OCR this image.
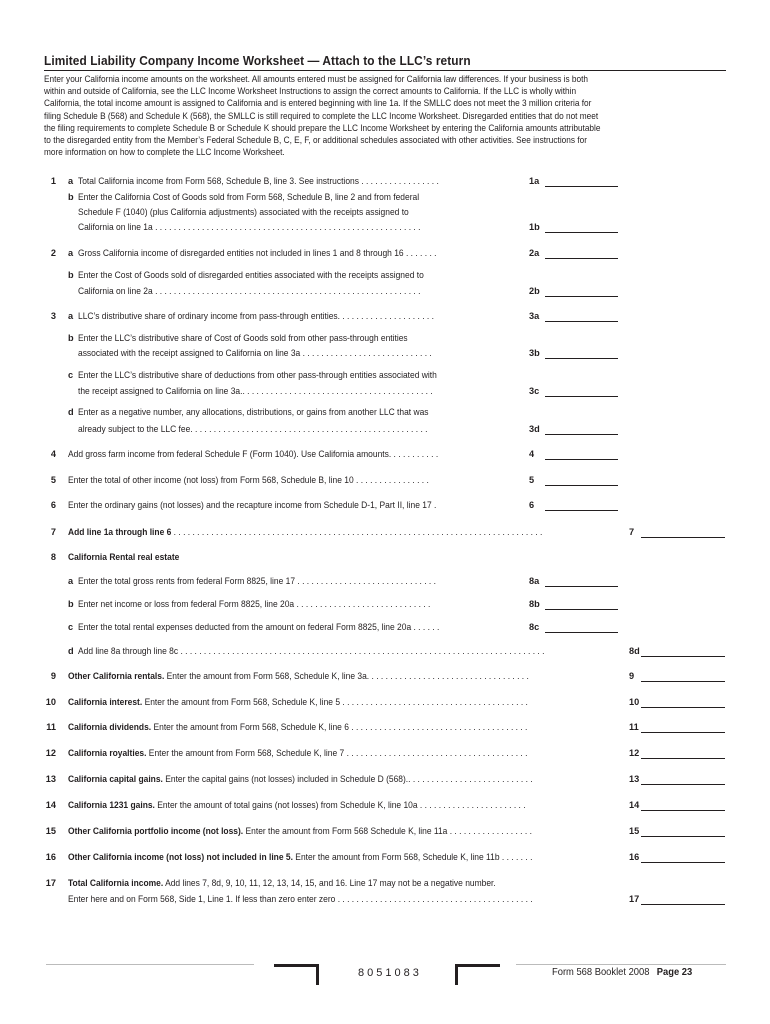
Limited Liability Company Income Worksheet — Attach to the LLC’s return
Enter your California income amounts on the worksheet. All amounts entered must be assigned for California law differences. If your business is both
within and outside of California, see the LLC Income Worksheet Instructions to assign the correct amounts to California. If the LLC is wholly within
California, the total income amount is assigned to California and is entered beginning with line 1a. If the SMLLC does not meet the 3 million criteria for
filing Schedule B (568) and Schedule K (568), the SMLLC is still required to complete the LLC Income Worksheet. Disregarded entities that do not meet
the filing requirements to complete Schedule B or Schedule K should prepare the LLC Income Worksheet by entering the California amounts attributable
to the disregarded entity from the Member’s Federal Schedule B, C, E, F, or additional schedules associated with other activities. See instructions for
more information on how to complete the LLC Income Worksheet.
1 a Total California income from Form 568, Schedule B, line 3. See instructions . . . . . . . . . . . . . . . . .	1a
b Enter the California Cost of Goods sold from Form 568, Schedule B, line 2 and from federal
Schedule F (1040) (plus California adjustments) associated with the receipts assigned to
California on line 1a . . . . . . . . . . . . . . . . . . . . . . . . . . . . . . . . . . . . . . . . . . . . . . . . . . . . . . . . .	1b
2 a Gross California income of disregarded entities not included in lines 1 and 8 through 16 . . . . . . .	2a
b Enter the Cost of Goods sold of disregarded entities associated with the receipts assigned to
California on line 2a . . . . . . . . . . . . . . . . . . . . . . . . . . . . . . . . . . . . . . . . . . . . . . . . . . . . . . . . .	2b
3 a LLC’s distributive share of ordinary income from pass-through entities. . . . . . . . . . . . . . . . . . . . .	3a
b Enter the LLC’s distributive share of Cost of Goods sold from other pass-through entities
associated with the receipt assigned to California on line 3a . . . . . . . . . . . . . . . . . . . . . . . . . . . .	3b
c Enter the LLC’s distributive share of deductions from other pass-through entities associated with
the receipt assigned to California on line 3a.. . . . . . . . . . . . . . . . . . . . . . . . . . . . . . . . . . . . . . . . .	3c
d Enter as a negative number, any allocations, distributions, or gains from another LLC that was
already subject to the LLC fee. . . . . . . . . . . . . . . . . . . . . . . . . . . . . . . . . . . . . . . . . . . . . . . . . . .	3d
4 Add gross farm income from federal Schedule F (Form 1040). Use California amounts. . . . . . . . . . .	4
5 Enter the total of other income (not loss) from Form 568, Schedule B, line 10 . . . . . . . . . . . . . . . .	5
6 Enter the ordinary gains (not losses) and the recapture income from Schedule D-1, Part II, line 17 .	6
7 Add line 1a through line 6 . . . . . . . . . . . . . . . . . . . . . . . . . . . . . . . . . . . . . . . . . . . . . . . . . . . . . . . . . . . . . . . . . . . . . . . . . . . . . . .	7
8 California Rental real estate
a Enter the total gross rents from federal Form 8825, line 17 . . . . . . . . . . . . . . . . . . . . . . . . . . . . . .	8a
b Enter net income or loss from federal Form 8825, line 20a . . . . . . . . . . . . . . . . . . . . . . . . . . . . .	8b
c Enter the total rental expenses deducted from the amount on federal Form 8825, line 20a . . . . . .	8c
d Add line 8a through line 8c . . . . . . . . . . . . . . . . . . . . . . . . . . . . . . . . . . . . . . . . . . . . . . . . . . . . . . . . . . . . . . . . . . . . . . . . . . . . . .	8d
9 Other California rentals. Enter the amount from Form 568, Schedule K, line 3a. . . . . . . . . . . . . . . . . . . . . . . . . . . . . . . . . . .	9
10 California interest. Enter the amount from Form 568, Schedule K, line 5 . . . . . . . . . . . . . . . . . . . . . . . . . . . . . . . . . . . . . . . .	10
11 California dividends. Enter the amount from Form 568, Schedule K, line 6 . . . . . . . . . . . . . . . . . . . . . . . . . . . . . . . . . . . . . .	11
12 California royalties. Enter the amount from Form 568, Schedule K, line 7 . . . . . . . . . . . . . . . . . . . . . . . . . . . . . . . . . . . . . . .	12
13 California capital gains. Enter the capital gains (not losses) included in Schedule D (568).. . . . . . . . . . . . . . . . . . . . . . . . . . .	13
14 California 1231 gains. Enter the amount of total gains (not losses) from Schedule K, line 10a . . . . . . . . . . . . . . . . . . . . . . .	14
15 Other California portfolio income (not loss). Enter the amount from Form 568 Schedule K, line 11a . . . . . . . . . . . . . . . . . .	15
16 Other California income (not loss) not included in line 5. Enter the amount from Form 568, Schedule K, line 11b . . . . . . .	16
17 Total California income. Add lines 7, 8d, 9, 10, 11, 12, 13, 14, 15, and 16. Line 17 may not be a negative number.
Enter here and on Form 568, Side 1, Line 1. If less than zero enter zero . . . . . . . . . . . . . . . . . . . . . . . . . . . . . . . . . . . . . . . . . .	17
8051083	Form 568 Booklet 2008 Page 23
